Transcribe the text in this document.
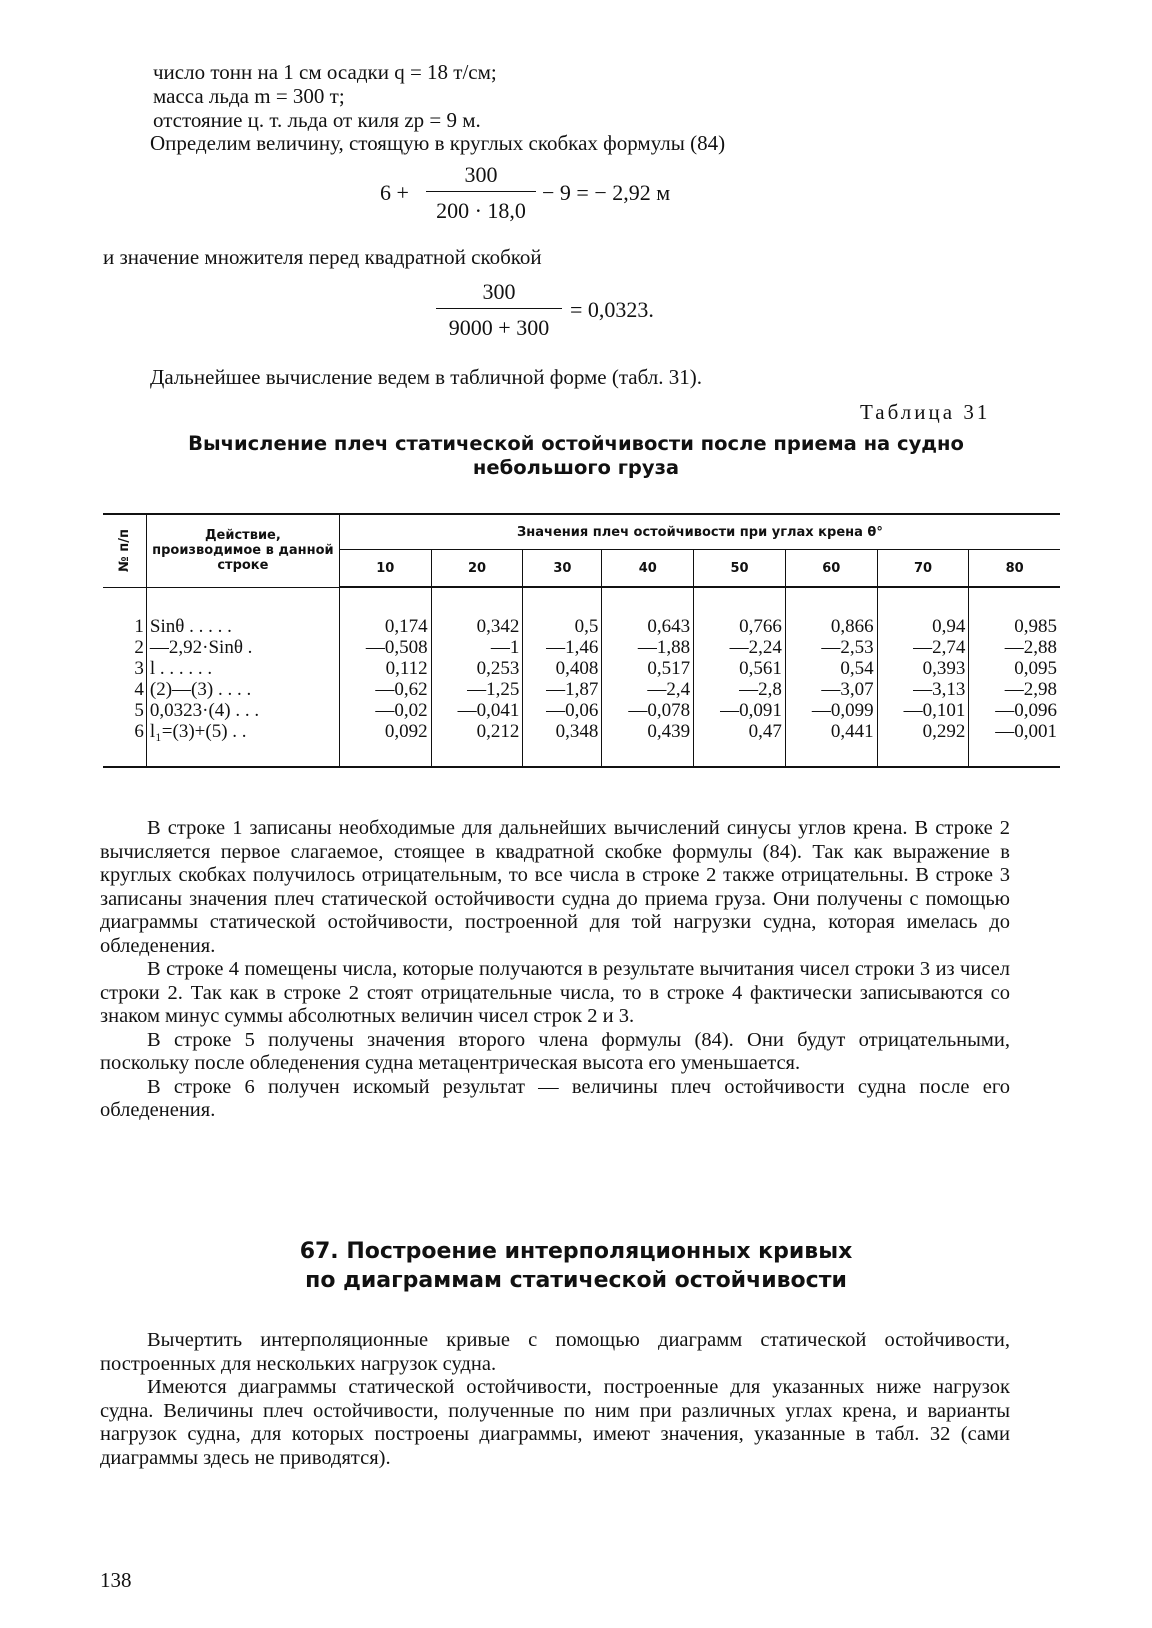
число тонн на 1 см осадки q = 18 т/см;
масса льда m = 300 т;
отстояние ц. т. льда от киля zр = 9 м.
Определим величину, стоящую в круглых скобках формулы (84)
6 +
300
200 · 18,0
− 9 = − 2,92 м
и значение множителя перед квадратной скобкой
300
9000 + 300
= 0,0323.
Дальнейшее вычисление ведем в табличной форме (табл. 31).
Таблица 31
Вычисление плеч статической остойчивости после приема на судно
небольшого груза
№ п/п	Действие, производимое в данной строке	Значения плеч остойчивости при углах крена θ°							
		10	20	30	40	50	60	70	80

1	Sinθ . . . . .	0,174	0,342	0,5	0,643	0,766	0,866	0,94	0,985
2	—2,92·Sinθ .	—0,508	—1	—1,46	—1,88	—2,24	—2,53	—2,74	—2,88
3	l . . . . . .	0,112	0,253	0,408	0,517	0,561	0,54	0,393	0,095
4	(2)—(3) . . . .	—0,62	—1,25	—1,87	—2,4	—2,8	—3,07	—3,13	—2,98
5	0,0323·(4) . . .	—0,02	—0,041	—0,06	—0,078	—0,091	—0,099	—0,101	—0,096
6	l₁=(3)+(5) . .	0,092	0,212	0,348	0,439	0,47	0,441	0,292	—0,001

В строке 1 записаны необходимые для дальнейших вычислений синусы углов крена. В строке 2 вычисляется первое слагаемое, стоящее в квадратной скобке формулы (84). Так как выражение в круглых скобках получилось отрицательным, то все числа в строке 2 также отрицательны. В строке 3 записаны значения плеч статической остойчивости судна до приема груза. Они получены с помощью диаграммы статической остойчивости, построенной для той нагрузки судна, которая имелась до обледенения.

В строке 4 помещены числа, которые получаются в результате вычитания чисел строки 3 из чисел строки 2. Так как в строке 2 стоят отрицательные числа, то в строке 4 фактически записываются со знаком минус суммы абсолютных величин чисел строк 2 и 3.

В строке 5 получены значения второго члена формулы (84). Они будут отрицательными, поскольку после обледенения судна метацентрическая высота его уменьшается.

В строке 6 получен искомый результат — величины плеч остойчивости судна после его обледенения.

67. Построение интерполяционных кривых
по диаграммам статической остойчивости

Вычертить интерполяционные кривые с помощью диаграмм статической остойчивости, построенных для нескольких нагрузок судна.

Имеются диаграммы статической остойчивости, построенные для указанных ниже нагрузок судна. Величины плеч остойчивости, полученные по ним при различных углах крена, и варианты нагрузок судна, для которых построены диаграммы, имеют значения, указанные в табл. 32 (сами диаграммы здесь не приводятся).

138
